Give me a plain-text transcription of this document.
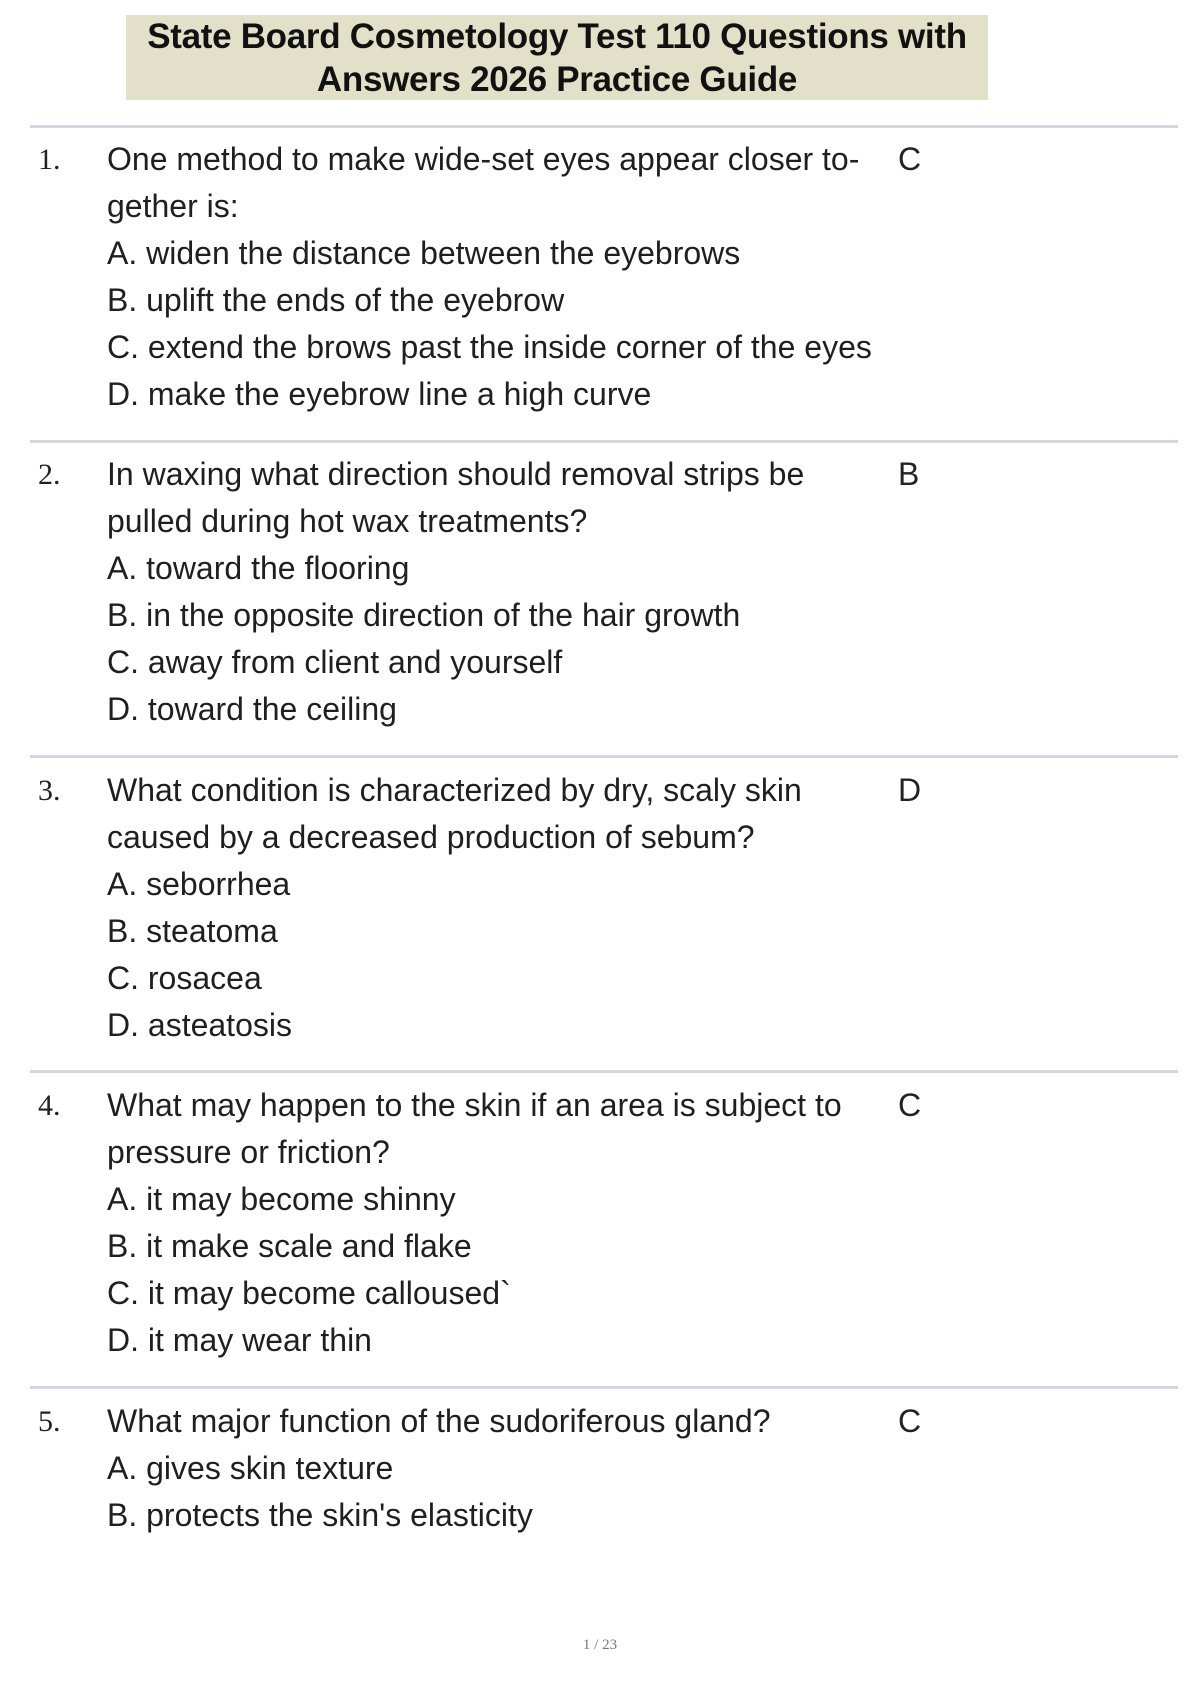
State Board Cosmetology Test 110 Questions with
Answers 2026 Practice Guide
1. One method to make wide-set eyes appear closer to-
gether is:
A. widen the distance between the eyebrows
B. uplift the ends of the eyebrow
C. extend the brows past the inside corner of the eyes
D. make the eyebrow line a high curve
C
2. In waxing what direction should removal strips be
pulled during hot wax treatments?
A. toward the flooring
B. in the opposite direction of the hair growth
C. away from client and yourself
D. toward the ceiling
B
3. What condition is characterized by dry, scaly skin
caused by a decreased production of sebum?
A. seborrhea
B. steatoma
C. rosacea
D. asteatosis
D
4. What may happen to the skin if an area is subject to
pressure or friction?
A. it may become shinny
B. it make scale and flake
C. it may become calloused`
D. it may wear thin
C
5. What major function of the sudoriferous gland?
A. gives skin texture
B. protects the skin's elasticity
C
1 / 23
